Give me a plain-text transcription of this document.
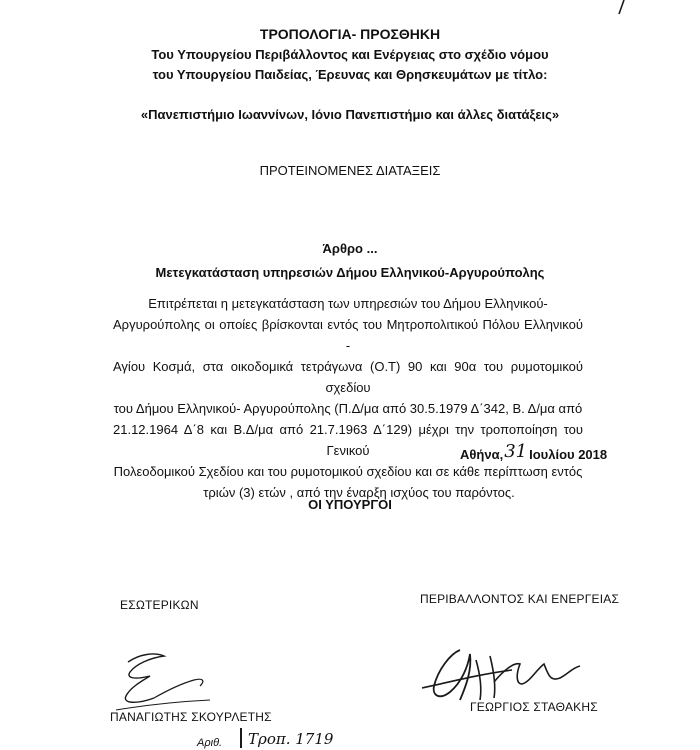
ΤΡΟΠΟΛΟΓΙΑ- ΠΡΟΣΘΗΚΗ
Του Υπουργείου Περιβάλλοντος και Ενέργειας στο σχέδιο νόμου
του Υπουργείου Παιδείας, Έρευνας και Θρησκευμάτων με τίτλο:
«Πανεπιστήμιο Ιωαννίνων, Ιόνιο Πανεπιστήμιο και άλλες διατάξεις»
ΠΡΟΤΕΙΝΟΜΕΝΕΣ ΔΙΑΤΑΞΕΙΣ
Άρθρο ...
Μετεγκατάσταση υπηρεσιών Δήμου Ελληνικού-Αργυρούπολης
Επιτρέπεται η μετεγκατάσταση των υπηρεσιών του Δήμου Ελληνικού-
Αργυρούπολης οι οποίες βρίσκονται εντός του Μητροπολιτικού Πόλου Ελληνικού -
Αγίου Κοσμά, στα οικοδομικά τετράγωνα (Ο.Τ) 90 και 90α του ρυμοτομικού σχεδίου
του Δήμου Ελληνικού- Αργυρούπολης (Π.Δ/μα από 30.5.1979 Δ΄342, Β. Δ/μα από
21.12.1964 Δ΄8 και Β.Δ/μα από 21.7.1963 Δ΄129) μέχρι την τροποποίηση του Γενικού
Πολεοδομικού Σχεδίου και του ρυμοτομικού σχεδίου και σε κάθε περίπτωση εντός
τριών (3) ετών , από την έναρξη ισχύος του παρόντος.
Αθήνα,31 Ιουλίου 2018
ΟΙ ΥΠΟΥΡΓΟΙ
ΕΣΩΤΕΡΙΚΩΝ
ΠΑΝΑΓΙΩΤΗΣ ΣΚΟΥΡΛΕΤΗΣ
ΠΕΡΙΒΑΛΛΟΝΤΟΣ ΚΑΙ ΕΝΕΡΓΕΙΑΣ
ΓΕΩΡΓΙΟΣ ΣΤΑΘΑΚΗΣ
Αριθ.	Τροπ. 1719
